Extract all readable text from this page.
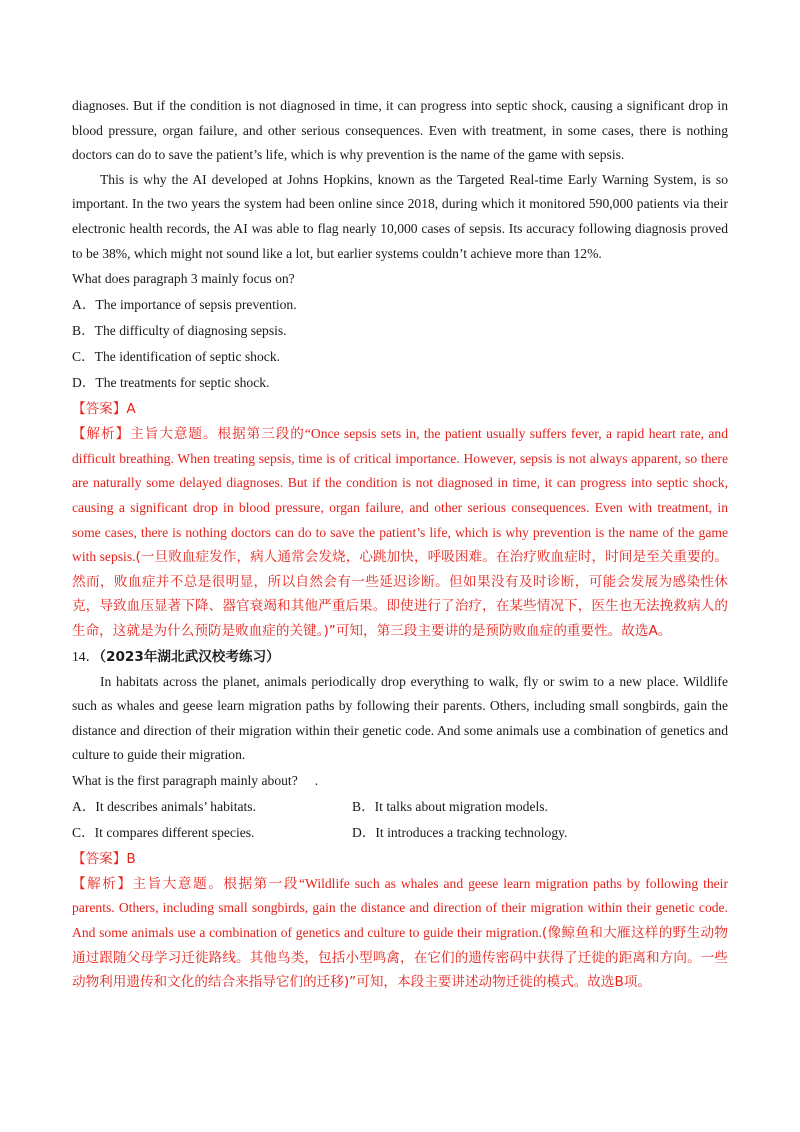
diagnoses. But if the condition is not diagnosed in time, it can progress into septic shock, causing a significant drop in blood pressure, organ failure, and other serious consequences. Even with treatment, in some cases, there is nothing doctors can do to save the patient’s life, which is why prevention is the name of the game with sepsis.

This is why the AI developed at Johns Hopkins, known as the Targeted Real-time Early Warning System, is so important. In the two years the system had been online since 2018, during which it monitored 590,000 patients via their electronic health records, the AI was able to flag nearly 10,000 cases of sepsis. Its accuracy following diagnosis proved to be 38%, which might not sound like a lot, but earlier systems couldn’t achieve more than 12%.

What does paragraph 3 mainly focus on?

A．The importance of sepsis prevention.

B．The difficulty of diagnosing sepsis.

C．The identification of septic shock.

D．The treatments for septic shock.

【答案】A

【解析】主旨大意题。根据第三段的“Once sepsis sets in, the patient usually suffers fever, a rapid heart rate, and difficult breathing. When treating sepsis, time is of critical importance. However, sepsis is not always apparent, so there are naturally some delayed diagnoses. But if the condition is not diagnosed in time, it can progress into septic shock, causing a significant drop in blood pressure, organ failure, and other serious consequences. Even with treatment, in some cases, there is nothing doctors can do to save the patient’s life, which is why prevention is the name of the game with sepsis.(一旦败血症发作，病人通常会发烧，心跳加快，呼吸困难。在治疗败血症时，时间是至关重要的。然而，败血症并不总是很明显，所以自然会有一些延迟诊断。但如果没有及时诊断，可能会发展为感染性休克，导致血压显著下降、器官衰竭和其他严重后果。即使进行了治疗，在某些情况下，医生也无法挽救病人的生命，这就是为什么预防是败血症的关键。)”可知，第三段主要讲的是预防败血症的重要性。故选A。

14．（2023年湖北武汉校考练习）

In habitats across the planet, animals periodically drop everything to walk, fly or swim to a new place. Wildlife such as whales and geese learn migration paths by following their parents. Others, including small songbirds, gain the distance and direction of their migration within their genetic code. And some animals use a combination of genetics and culture to guide their migration.

What is the first paragraph mainly about?　 .

A．It describes animals’ habitats.	B．It talks about migration models.

C．It compares different species.	D．It introduces a tracking technology.

【答案】B

【解析】主旨大意题。根据第一段“Wildlife such as whales and geese learn migration paths by following their parents. Others, including small songbirds, gain the distance and direction of their migration within their genetic code. And some animals use a combination of genetics and culture to guide their migration.(像鲸鱼和大雁这样的野生动物通过跟随父母学习迁徙路线。其他鸟类，包括小型鸣禽，在它们的遗传密码中获得了迁徙的距离和方向。一些动物利用遗传和文化的结合来指导它们的迁移)”可知，本段主要讲述动物迁徙的模式。故选B项。
